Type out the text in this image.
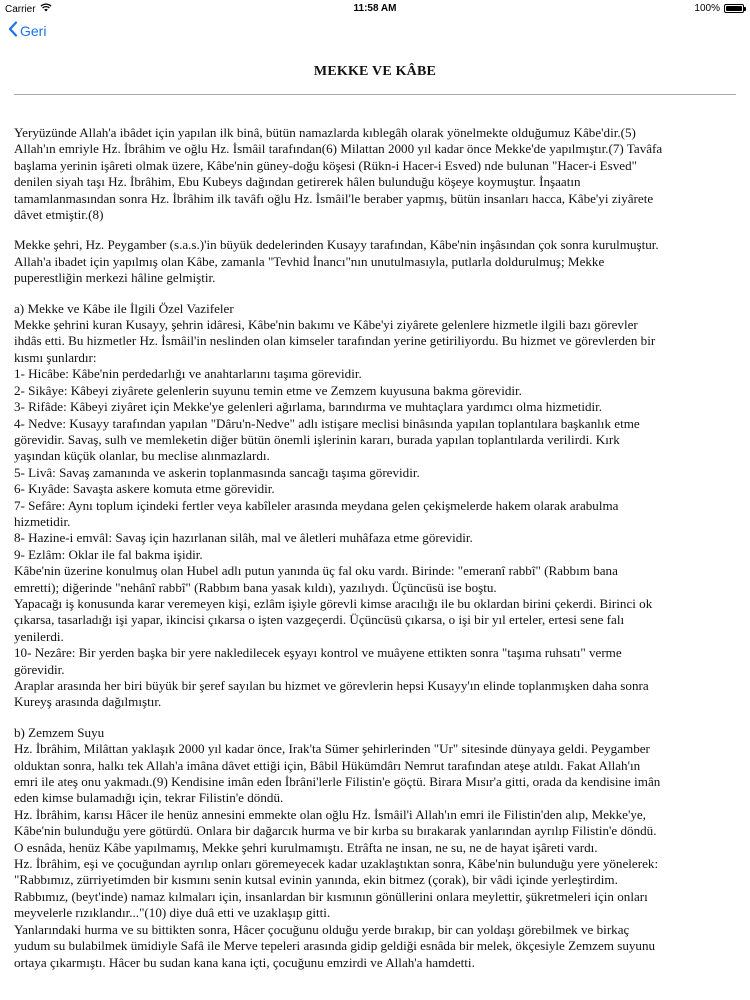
Carrier	11:58 AM	100%
Geri
MEKKE VE KÂBE
Yeryüzünde Allah'a ibâdet için yapılan ilk binâ, bütün namazlarda kıblegâh olarak yönelmekte olduğumuz Kâbe'dir.(5)
Allah'ın emriyle Hz. İbrâhim ve oğlu Hz. İsmâil tarafından(6) Milattan 2000 yıl kadar önce Mekke'de yapılmıştır.(7) Tavâfa
başlama yerinin işâreti olmak üzere, Kâbe'nin güney-doğu köşesi (Rükn-i Hacer-i Esved) nde bulunan "Hacer-i Esved"
denilen siyah taşı Hz. İbrâhim, Ebu Kubeys dağından getirerek hâlen bulunduğu köşeye koymuştur. İnşaatın
tamamlanmasından sonra Hz. İbrâhim ilk tavâfı oğlu Hz. İsmâil'le beraber yapmış, bütün insanları hacca, Kâbe'yi ziyârete
dâvet etmiştir.(8)
Mekke şehri, Hz. Peygamber (s.a.s.)'in büyük dedelerinden Kusayy tarafından, Kâbe'nin inşâsından çok sonra kurulmuştur.
Allah'a ibadet için yapılmış olan Kâbe, zamanla "Tevhid İnancı"nın unutulmasıyla, putlarla doldurulmuş; Mekke
puperestliğin merkezi hâline gelmiştir.
a) Mekke ve Kâbe ile İlgili Özel Vazifeler
Mekke şehrini kuran Kusayy, şehrin idâresi, Kâbe'nin bakımı ve Kâbe'yi ziyârete gelenlere hizmetle ilgili bazı görevler
ihdâs etti. Bu hizmetler Hz. İsmâil'in neslinden olan kimseler tarafından yerine getiriliyordu. Bu hizmet ve görevlerden bir
kısmı şunlardır:
1- Hicâbe: Kâbe'nin perdedarlığı ve anahtarlarını taşıma görevidir.
2- Sikâye: Kâbeyi ziyârete gelenlerin suyunu temin etme ve Zemzem kuyusuna bakma görevidir.
3- Rifâde: Kâbeyi ziyâret için Mekke'ye gelenleri ağırlama, barındırma ve muhtaçlara yardımcı olma hizmetidir.
4- Nedve: Kusayy tarafından yapılan "Dâru'n-Nedve" adlı istişare meclisi binâsında yapılan toplantılara başkanlık etme
görevidir. Savaş, sulh ve memleketin diğer bütün önemli işlerinin kararı, burada yapılan toplantılarda verilirdi. Kırk
yaşından küçük olanlar, bu meclise alınmazlardı.
5- Livâ: Savaş zamanında ve askerin toplanmasında sancağı taşıma görevidir.
6- Kıyâde: Savaşta askere komuta etme görevidir.
7- Sefâre: Aynı toplum içindeki fertler veya kabîleler arasında meydana gelen çekişmelerde hakem olarak arabulma
hizmetidir.
8- Hazine-i emvâl: Savaş için hazırlanan silâh, mal ve âletleri muhâfaza etme görevidir.
9- Ezlâm: Oklar ile fal bakma işidir.
Kâbe'nin üzerine konulmuş olan Hubel adlı putun yanında üç fal oku vardı. Birinde: "emeranî rabbî" (Rabbım bana
emretti); diğerinde "nehânî rabbî" (Rabbım bana yasak kıldı), yazılıydı. Üçüncüsü ise boştu.
Yapacağı iş konusunda karar veremeyen kişi, ezlâm işiyle görevli kimse aracılığı ile bu oklardan birini çekerdi. Birinci ok
çıkarsa, tasarladığı işi yapar, ikincisi çıkarsa o işten vazgeçerdi. Üçüncüsü çıkarsa, o işi bir yıl erteler, ertesi sene falı
yenilerdi.
10- Nezâre: Bir yerden başka bir yere nakledilecek eşyayı kontrol ve muâyene ettikten sonra "taşıma ruhsatı" verme
görevidir.
Araplar arasında her biri büyük bir şeref sayılan bu hizmet ve görevlerin hepsi Kusayy'ın elinde toplanmışken daha sonra
Kureyş arasında dağılmıştır.
b) Zemzem Suyu
Hz. İbrâhim, Milâttan yaklaşık 2000 yıl kadar önce, Irak'ta Sümer şehirlerinden "Ur" sitesinde dünyaya geldi. Peygamber
olduktan sonra, halkı tek Allah'a imâna dâvet ettiği için, Bâbil Hükümdârı Nemrut tarafından ateşe atıldı. Fakat Allah'ın
emri ile ateş onu yakmadı.(9) Kendisine imân eden İbrâni'lerle Filistin'e göçtü. Birara Mısır'a gitti, orada da kendisine imân
eden kimse bulamadığı için, tekrar Filistin'e döndü.
Hz. İbrâhim, karısı Hâcer ile henüz annesini emmekte olan oğlu Hz. İsmâil'i Allah'ın emri ile Filistin'den alıp, Mekke'ye,
Kâbe'nin bulunduğu yere götürdü. Onlara bir dağarcık hurma ve bir kırba su bırakarak yanlarından ayrılıp Filistin'e döndü.
O esnâda, henüz Kâbe yapılmamış, Mekke şehri kurulmamıştı. Etrâfta ne insan, ne su, ne de hayat işâreti vardı.
Hz. İbrâhim, eşi ve çocuğundan ayrılıp onları göremeyecek kadar uzaklaştıktan sonra, Kâbe'nin bulunduğu yere yönelerek:
"Rabbımız, zürriyetimden bir kısmını senin kutsal evinin yanında, ekin bitmez (çorak), bir vâdi içinde yerleştirdim.
Rabbımız, (beyt'inde) namaz kılmaları için, insanlardan bir kısmının gönüllerini onlara meylettir, şükretmeleri için onları
meyvelerle rızıklandır..."(10) diye duâ etti ve uzaklaşıp gitti.
Yanlarındaki hurma ve su bittikten sonra, Hâcer çocuğunu olduğu yerde bırakıp, bir can yoldaşı görebilmek ve birkaç
yudum su bulabilmek ümidiyle Safâ ile Merve tepeleri arasında gidip geldiği esnâda bir melek, ökçesiyle Zemzem suyunu
ortaya çıkarmıştı. Hâcer bu sudan kana kana içti, çocuğunu emzirdi ve Allah'a hamdetti.
